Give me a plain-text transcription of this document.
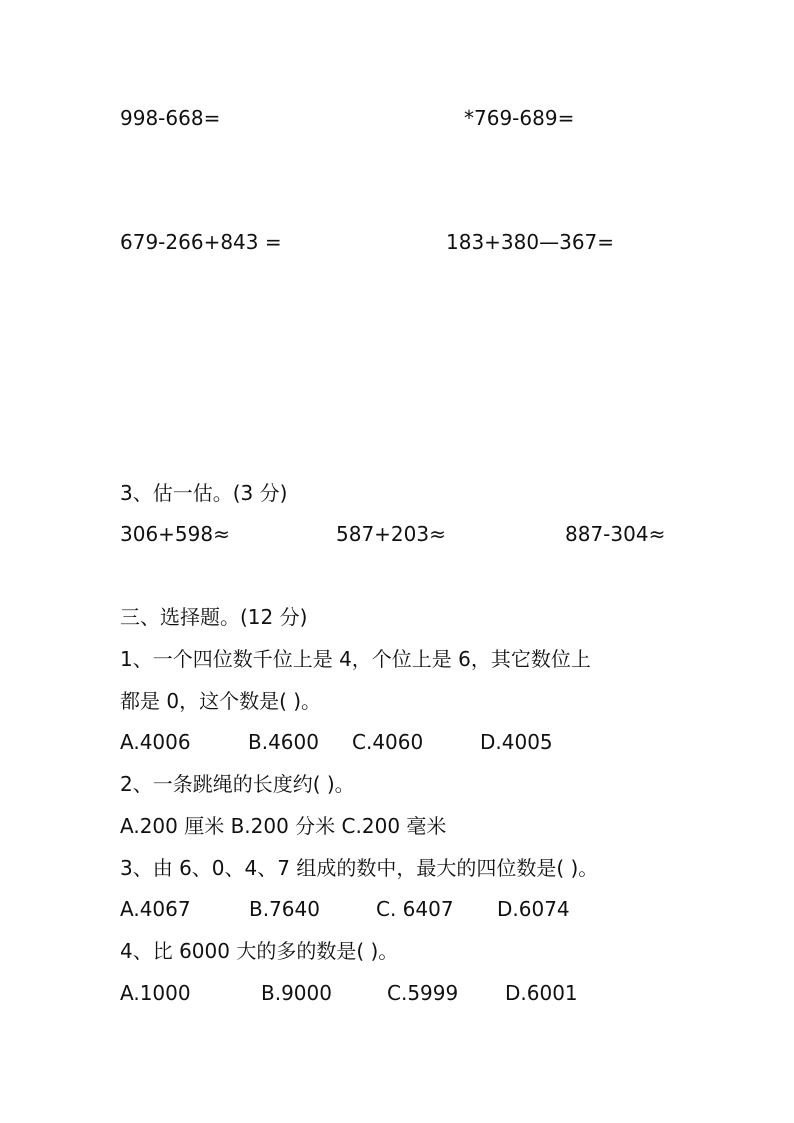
998-668=	*769-689=
679-266+843 =	183+380—367=
3、估一估。(3 分)
306+598≈	587+203≈	887-304≈
三、选择题。(12 分)
1、一个四位数千位上是 4，个位上是 6，其它数位上
都是 0，这个数是( )。
A.4006	B.4600 C.4060	D.4005
2、一条跳绳的长度约( )。
A.200 厘米 B.200 分米 C.200 毫米
3、由 6、0、4、7 组成的数中，最大的四位数是( )。
A.4067	B.7640	C. 6407 D.6074
4、比 6000 大的多的数是( )。
A.1000	B.9000	C.5999 D.6001
